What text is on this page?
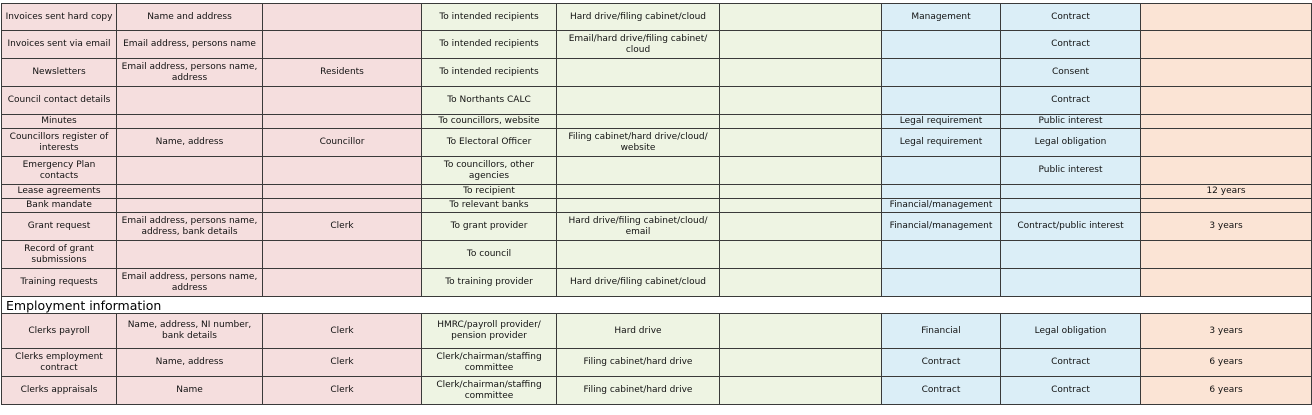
Invoices sent hard copy	Name and address		To intended recipients	Hard drive/filing cabinet/cloud		Management	Contract	
Invoices sent via email	Email address, persons name		To intended recipients	Email/hard drive/filing cabinet/ cloud			Contract	
Newsletters	Email address, persons name, address	Residents	To intended recipients				Consent	
Council contact details			To Northants CALC				Contract	
Minutes			To councillors, website			Legal requirement	Public interest	
Councillors register of interests	Name, address	Councillor	To Electoral Officer	Filing cabinet/hard drive/cloud/ website		Legal requirement	Legal obligation	
Emergency Plan contacts			To councillors, other agencies				Public interest	
Lease agreements			To recipient					12 years
Bank mandate			To relevant banks			Financial/management		
Grant request	Email address, persons name, address, bank details	Clerk	To grant provider	Hard drive/filing cabinet/cloud/ email		Financial/management	Contract/public interest	3 years
Record of grant submissions			To council					
Training requests	Email address, persons name, address		To training provider	Hard drive/filing cabinet/cloud				
Employment information								
Clerks payroll	Name, address, NI number, bank details	Clerk	HMRC/payroll provider/ pension provider	Hard drive		Financial	Legal obligation	3 years
Clerks employment contract	Name, address	Clerk	Clerk/chairman/staffing committee	Filing cabinet/hard drive		Contract	Contract	6 years
Clerks appraisals	Name	Clerk	Clerk/chairman/staffing committee	Filing cabinet/hard drive		Contract	Contract	6 years
